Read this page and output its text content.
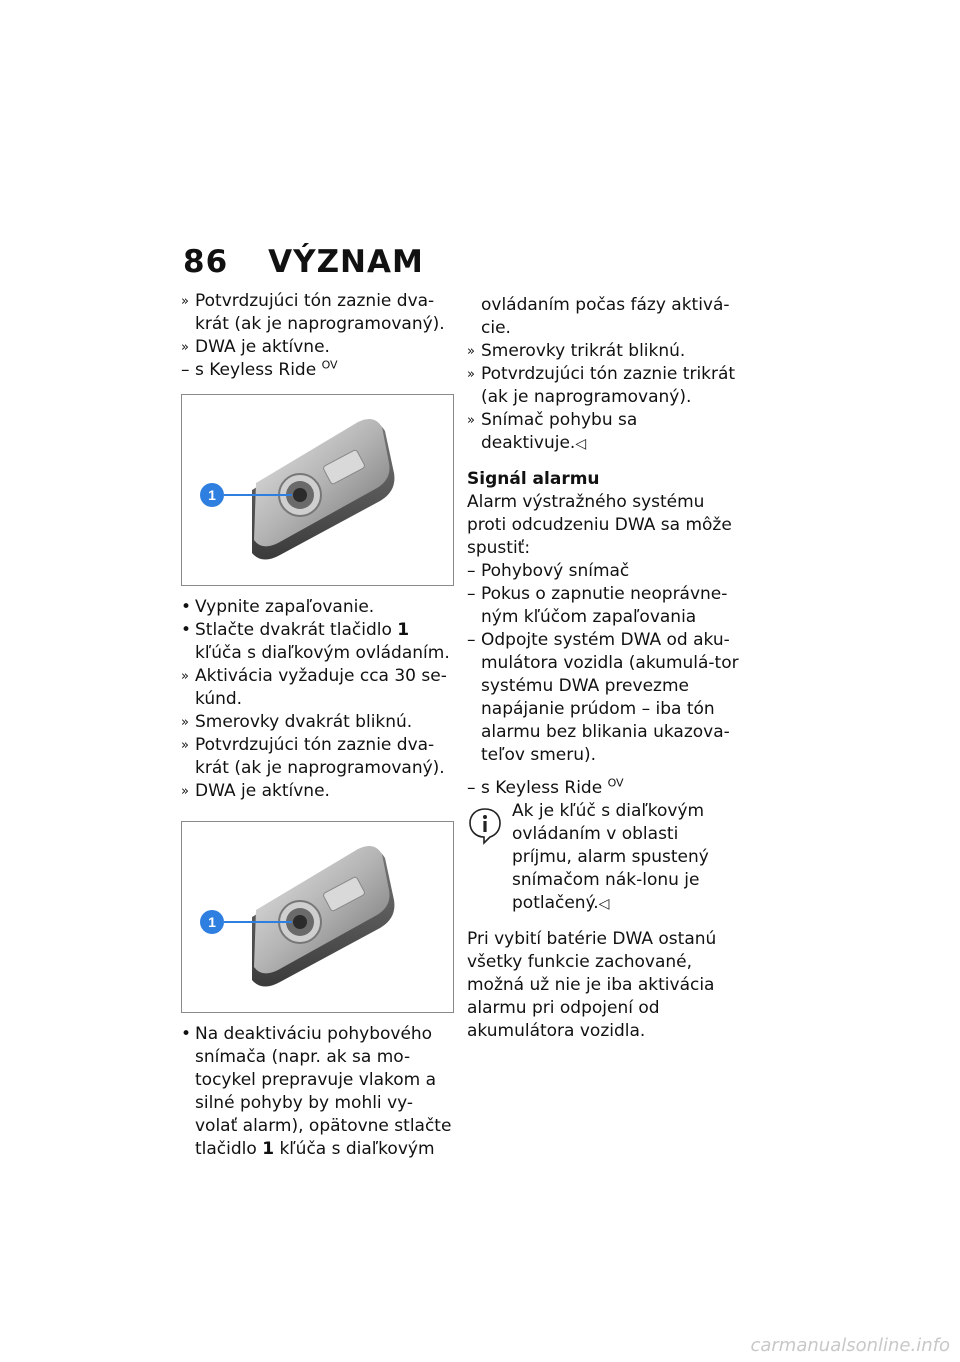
86 VÝZNAM
» Potvrdzujúci tón zaznie dva-krát (ak je naprogramovaný).
» DWA je aktívne.
– s Keyless Ride $^{OV}$
1
• Vypnite zapaľovanie.
• Stlačte dvakrát tlačidlo 1 kľúča s diaľkovým ovládaním.
» Aktivácia vyžaduje cca 30 se-kúnd.
» Smerovky dvakrát bliknú.
» Potvrdzujúci tón zaznie dva-krát (ak je naprogramovaný).
» DWA je aktívne.
1
• Na deaktiváciu pohybového snímača (napr. ak sa mo-tocykel prepravuje vlakom a silné pohyby by mohli vy-volať alarm), opätovne stlačte tlačidlo 1 kľúča s diaľkovým
ovládaním počas fázy aktivá-cie.
» Smerovky trikrát bliknú.
» Potvrdzujúci tón zaznie trikrát (ak je naprogramovaný).
» Snímač pohybu sa deaktivuje.◁
Signál alarmu

Alarm výstražného systému proti odcudzeniu DWA sa môže spustiť:

– Pohybový snímač
– Pokus o zapnutie neoprávne-ným kľúčom zapaľovania
– Odpojte systém DWA od aku-mulátora vozidla (akumulá-tor systému DWA prevezme napájanie prúdom – iba tón alarmu bez blikania ukazova-teľov smeru).
– s Keyless Ride $^{OV}$
Ak je kľúč s diaľkovým ovládaním v oblasti príjmu, alarm spustený snímačom nák-lonu je potlačený.◁

Pri vybití batérie DWA ostanú všetky funkcie zachované, možná už nie je iba aktivácia alarmu pri odpojení od akumulátora vozidla.

carmanualsonline.info
